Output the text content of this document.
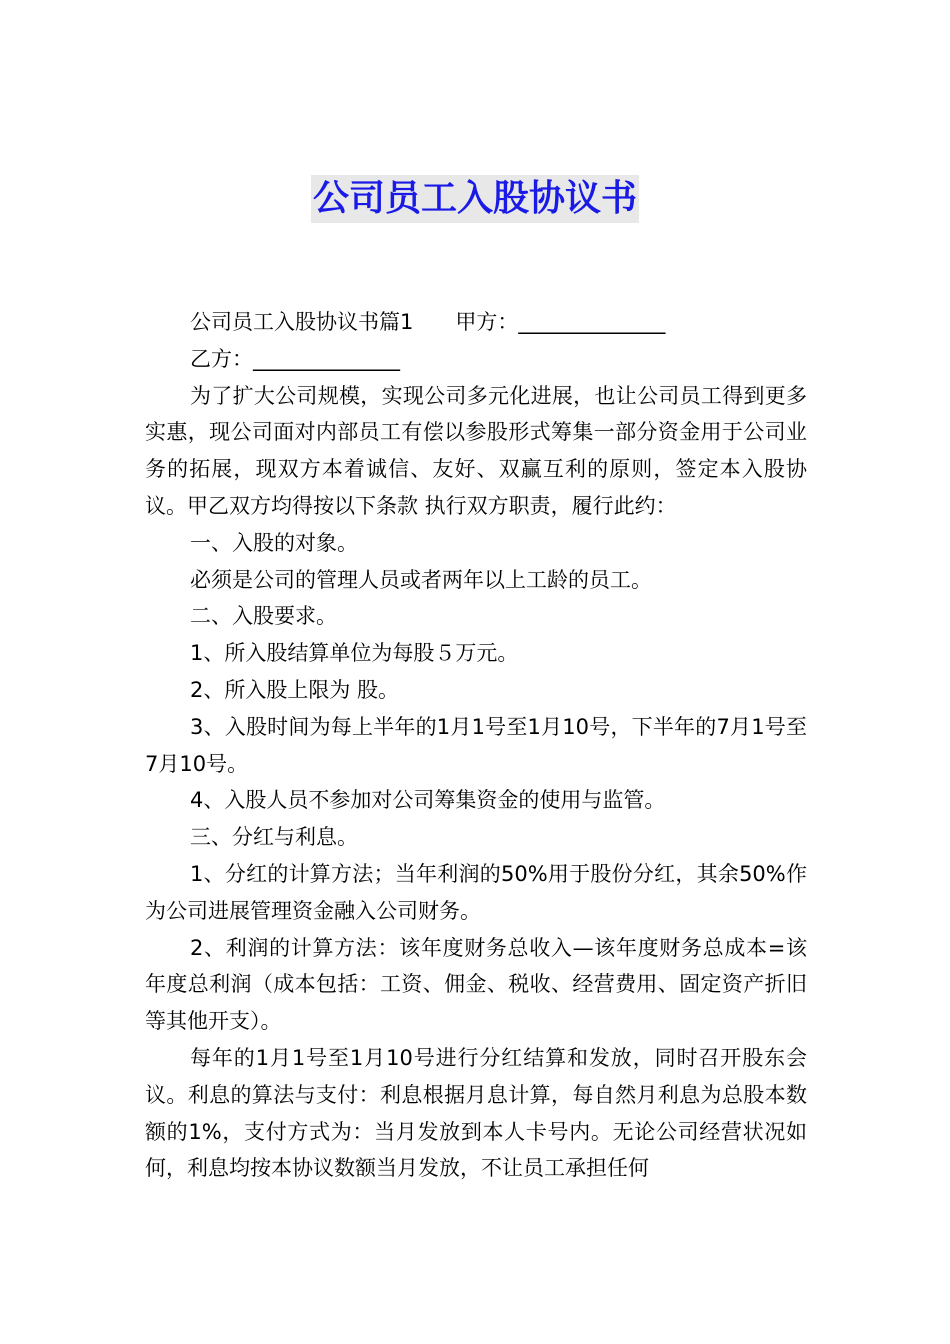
公司员工入股协议书

公司员工入股协议书篇1　　甲方：______________

乙方：______________

为了扩大公司规模，实现公司多元化进展，也让公司员工得到更多实惠，现公司面对内部员工有偿以参股形式筹集一部分资金用于公司业务的拓展，现双方本着诚信、友好、双赢互利的原则，签定本入股协议。甲乙双方均得按以下条款 执行双方职责，履行此约：

一、入股的对象。

必须是公司的管理人员或者两年以上工龄的员工。

二、入股要求。

1、所入股结算单位为每股５万元。

2、所入股上限为 股。

3、入股时间为每上半年的1月1号至1月10号，下半年的7月1号至7月10号。

4、入股人员不参加对公司筹集资金的使用与监管。

三、分红与利息。

1、分红的计算方法；当年利润的50%用于股份分红，其余50%作为公司进展管理资金融入公司财务。

2、利润的计算方法：该年度财务总收入—该年度财务总成本=该年度总利润（成本包括：工资、佣金、税收、经营费用、固定资产折旧等其他开支）。

每年的1月1号至1月10号进行分红结算和发放，同时召开股东会议。利息的算法与支付：利息根据月息计算，每自然月利息为总股本数额的1%，支付方式为：当月发放到本人卡号内。无论公司经营状况如何，利息均按本协议数额当月发放，不让员工承担任何
